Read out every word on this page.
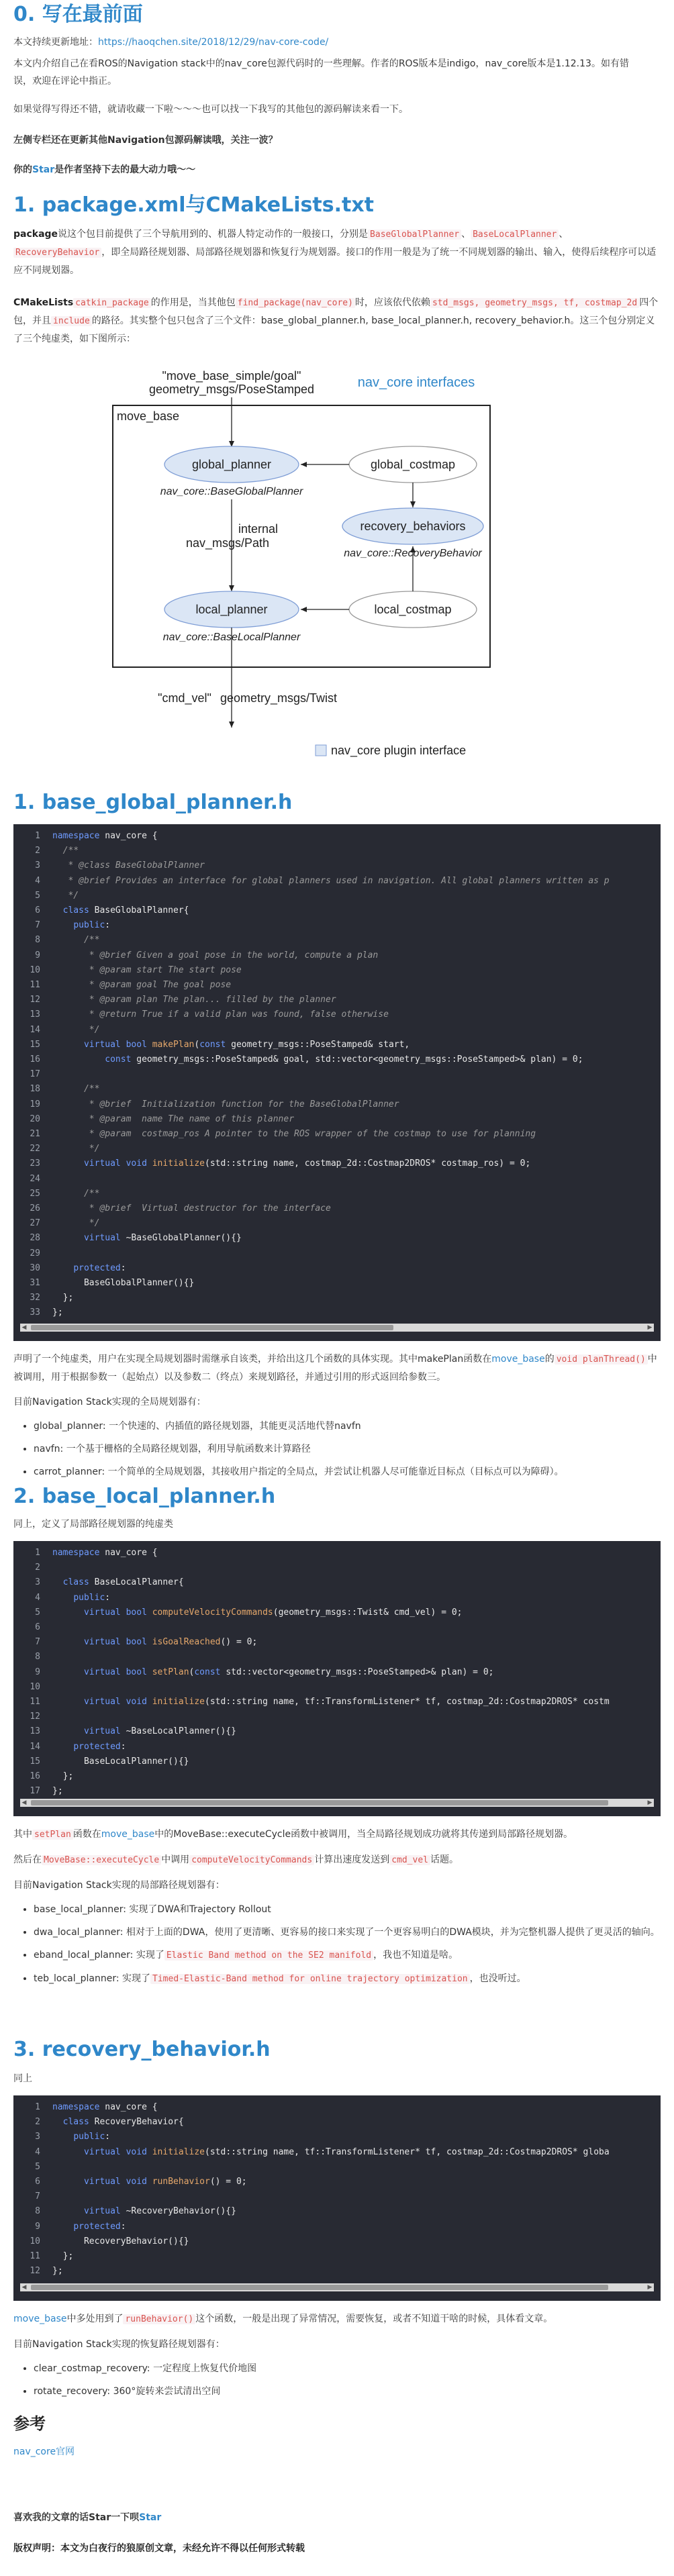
0. 写在最前面
本文持续更新地址：https://haoqchen.site/2018/12/29/nav-core-code/
本文内介绍自己在看ROS的Navigation stack中的nav_core包源代码时的一些理解。作者的ROS版本是indigo，nav_core版本是1.12.13。如有错误，欢迎在评论中指正。
如果觉得写得还不错，就请收藏一下啦～～～也可以找一下我写的其他包的源码解读来看一下。
左侧专栏还在更新其他Navigation包源码解读哦，关注一波？
你的Star是作者坚持下去的最大动力哦～～
1. package.xml与CMakeLists.txt
package说这个包目前提供了三个导航用到的、机器人特定动作的一般接口，分别是 BaseGlobalPlanner 、 BaseLocalPlanner 、RecoveryBehavior ，即全局路径规划器、局部路径规划器和恢复行为规划器。接口的作用一般是为了统一不同规划器的输出、输入，使得后续程序可以适应不同规划器。
CMakeLists catkin_package 的作用是，当其他包 find_package(nav_core) 时，应该依代依赖 std_msgs, geometry_msgs, tf, costmap_2d 四个包，并且 include 的路径。其实整个包只包含了三个文件：base_global_planner.h, base_local_planner.h, recovery_behavior.h。这三个包分别定义了三个纯虚类，如下图所示：
"move_base_simple/goal"
geometry_msgs/PoseStamped	nav_core interfaces
move_base
global_planner
nav_core::BaseGlobalPlanner
global_costmap
recovery_behaviors
nav_core::RecoveryBehavior
internal
nav_msgs/Path
local_planner
nav_core::BaseLocalPlanner
local_costmap
"cmd_vel" geometry_msgs/Twist
nav_core plugin interface
1. base_global_planner.h
1 namespace nav_core {
2 /**
3 * @class BaseGlobalPlanner
4 * @brief Provides an interface for global planners used in navigation. All global planners written as p
5 */
6	class BaseGlobalPlanner{
7	public:
8 /**
9 * @brief Given a goal pose in the world, compute a plan
10 * @param start The start pose
11 * @param goal The goal pose
12 * @param plan The plan... filled by the planner
13 * @return True if a valid plan was found, false otherwise
14 */
15	virtual bool makePlan(const geometry_msgs::PoseStamped& start,
16	const geometry_msgs::PoseStamped& goal, std::vector<geometry_msgs::PoseStamped>& plan) = 0;
17
18 /**
19 * @brief  Initialization function for the BaseGlobalPlanner
20 * @param  name The name of this planner
21 * @param  costmap_ros A pointer to the ROS wrapper of the costmap to use for planning
22 */
23	virtual void initialize(std::string name, costmap_2d::Costmap2DROS* costmap_ros) = 0;
24
25 /**
26 * @brief  Virtual destructor for the interface
27 */
28	virtual ~BaseGlobalPlanner(){}
29
30	protected:
31 BaseGlobalPlanner(){}
32 };
33 };
◀	▶
声明了一个纯虚类，用户在实现全局规划器时需继承自该类，并给出这几个函数的具体实现。其中makePlan函数在move_base的 void planThread() 中被调用，用于根据参数一（起始点）以及参数二（终点）来规划路径，并通过引用的形式返回给参数三。
目前Navigation Stack实现的全局规划器有：
• global_planner: 一个快速的、内插值的路径规划器，其能更灵活地代替navfn
• navfn: 一个基于栅格的全局路径规划器，利用导航函数来计算路径
• carrot_planner: 一个简单的全局规划器，其接收用户指定的全局点，并尝试让机器人尽可能靠近目标点（目标点可以为障碍）。
2. base_local_planner.h
同上，定义了局部路径规划器的纯虚类
1 namespace nav_core {
2
3	class BaseLocalPlanner{
4	public:
5	virtual bool computeVelocityCommands(geometry_msgs::Twist& cmd_vel) = 0;
6
7	virtual bool isGoalReached() = 0;
8
9	virtual bool setPlan(const std::vector<geometry_msgs::PoseStamped>& plan) = 0;
10
11	virtual void initialize(std::string name, tf::TransformListener* tf, costmap_2d::Costmap2DROS* costm
12
13	virtual ~BaseLocalPlanner(){}
14	protected:
15 BaseLocalPlanner(){}
16 };
17 };
◀	▶
其中 setPlan 函数在move_base中的MoveBase::executeCycle函数中被调用，当全局路径规划成功就将其传递到局部路径规划器。
然后在 MoveBase::executeCycle 中调用 computeVelocityCommands 计算出速度发送到 cmd_vel 话题。
目前Navigation Stack实现的局部路径规划器有：
• base_local_planner: 实现了DWA和Trajectory Rollout
• dwa_local_planner: 相对于上面的DWA，使用了更清晰、更容易的接口来实现了一个更容易明白的DWA模块，并为完整机器人提供了更灵活的轴向。
• eband_local_planner: 实现了 Elastic Band method on the SE2 manifold ，我也不知道是啥。
• teb_local_planner: 实现了 Timed-Elastic-Band method for online trajectory optimization ，也没听过。
3. recovery_behavior.h
同上
1 namespace nav_core {
2	class RecoveryBehavior{
3	public:
4	virtual void initialize(std::string name, tf::TransformListener* tf, costmap_2d::Costmap2DROS* globa
5
6	virtual void runBehavior() = 0;
7
8	virtual ~RecoveryBehavior(){}
9	protected:
10 RecoveryBehavior(){}
11 };
12 };
◀	▶
move_base中多处用到了 runBehavior() 这个函数，一般是出现了异常情况，需要恢复，或者不知道干啥的时候，具体看文章。
目前Navigation Stack实现的恢复路径规划器有：
• clear_costmap_recovery: 一定程度上恢复代价地图
• rotate_recovery: 360°旋转来尝试清出空间
参考
nav_core官网
喜欢我的文章的话Star一下呗Star
版权声明：本文为白夜行的狼原创文章，未经允许不得以任何形式转载
